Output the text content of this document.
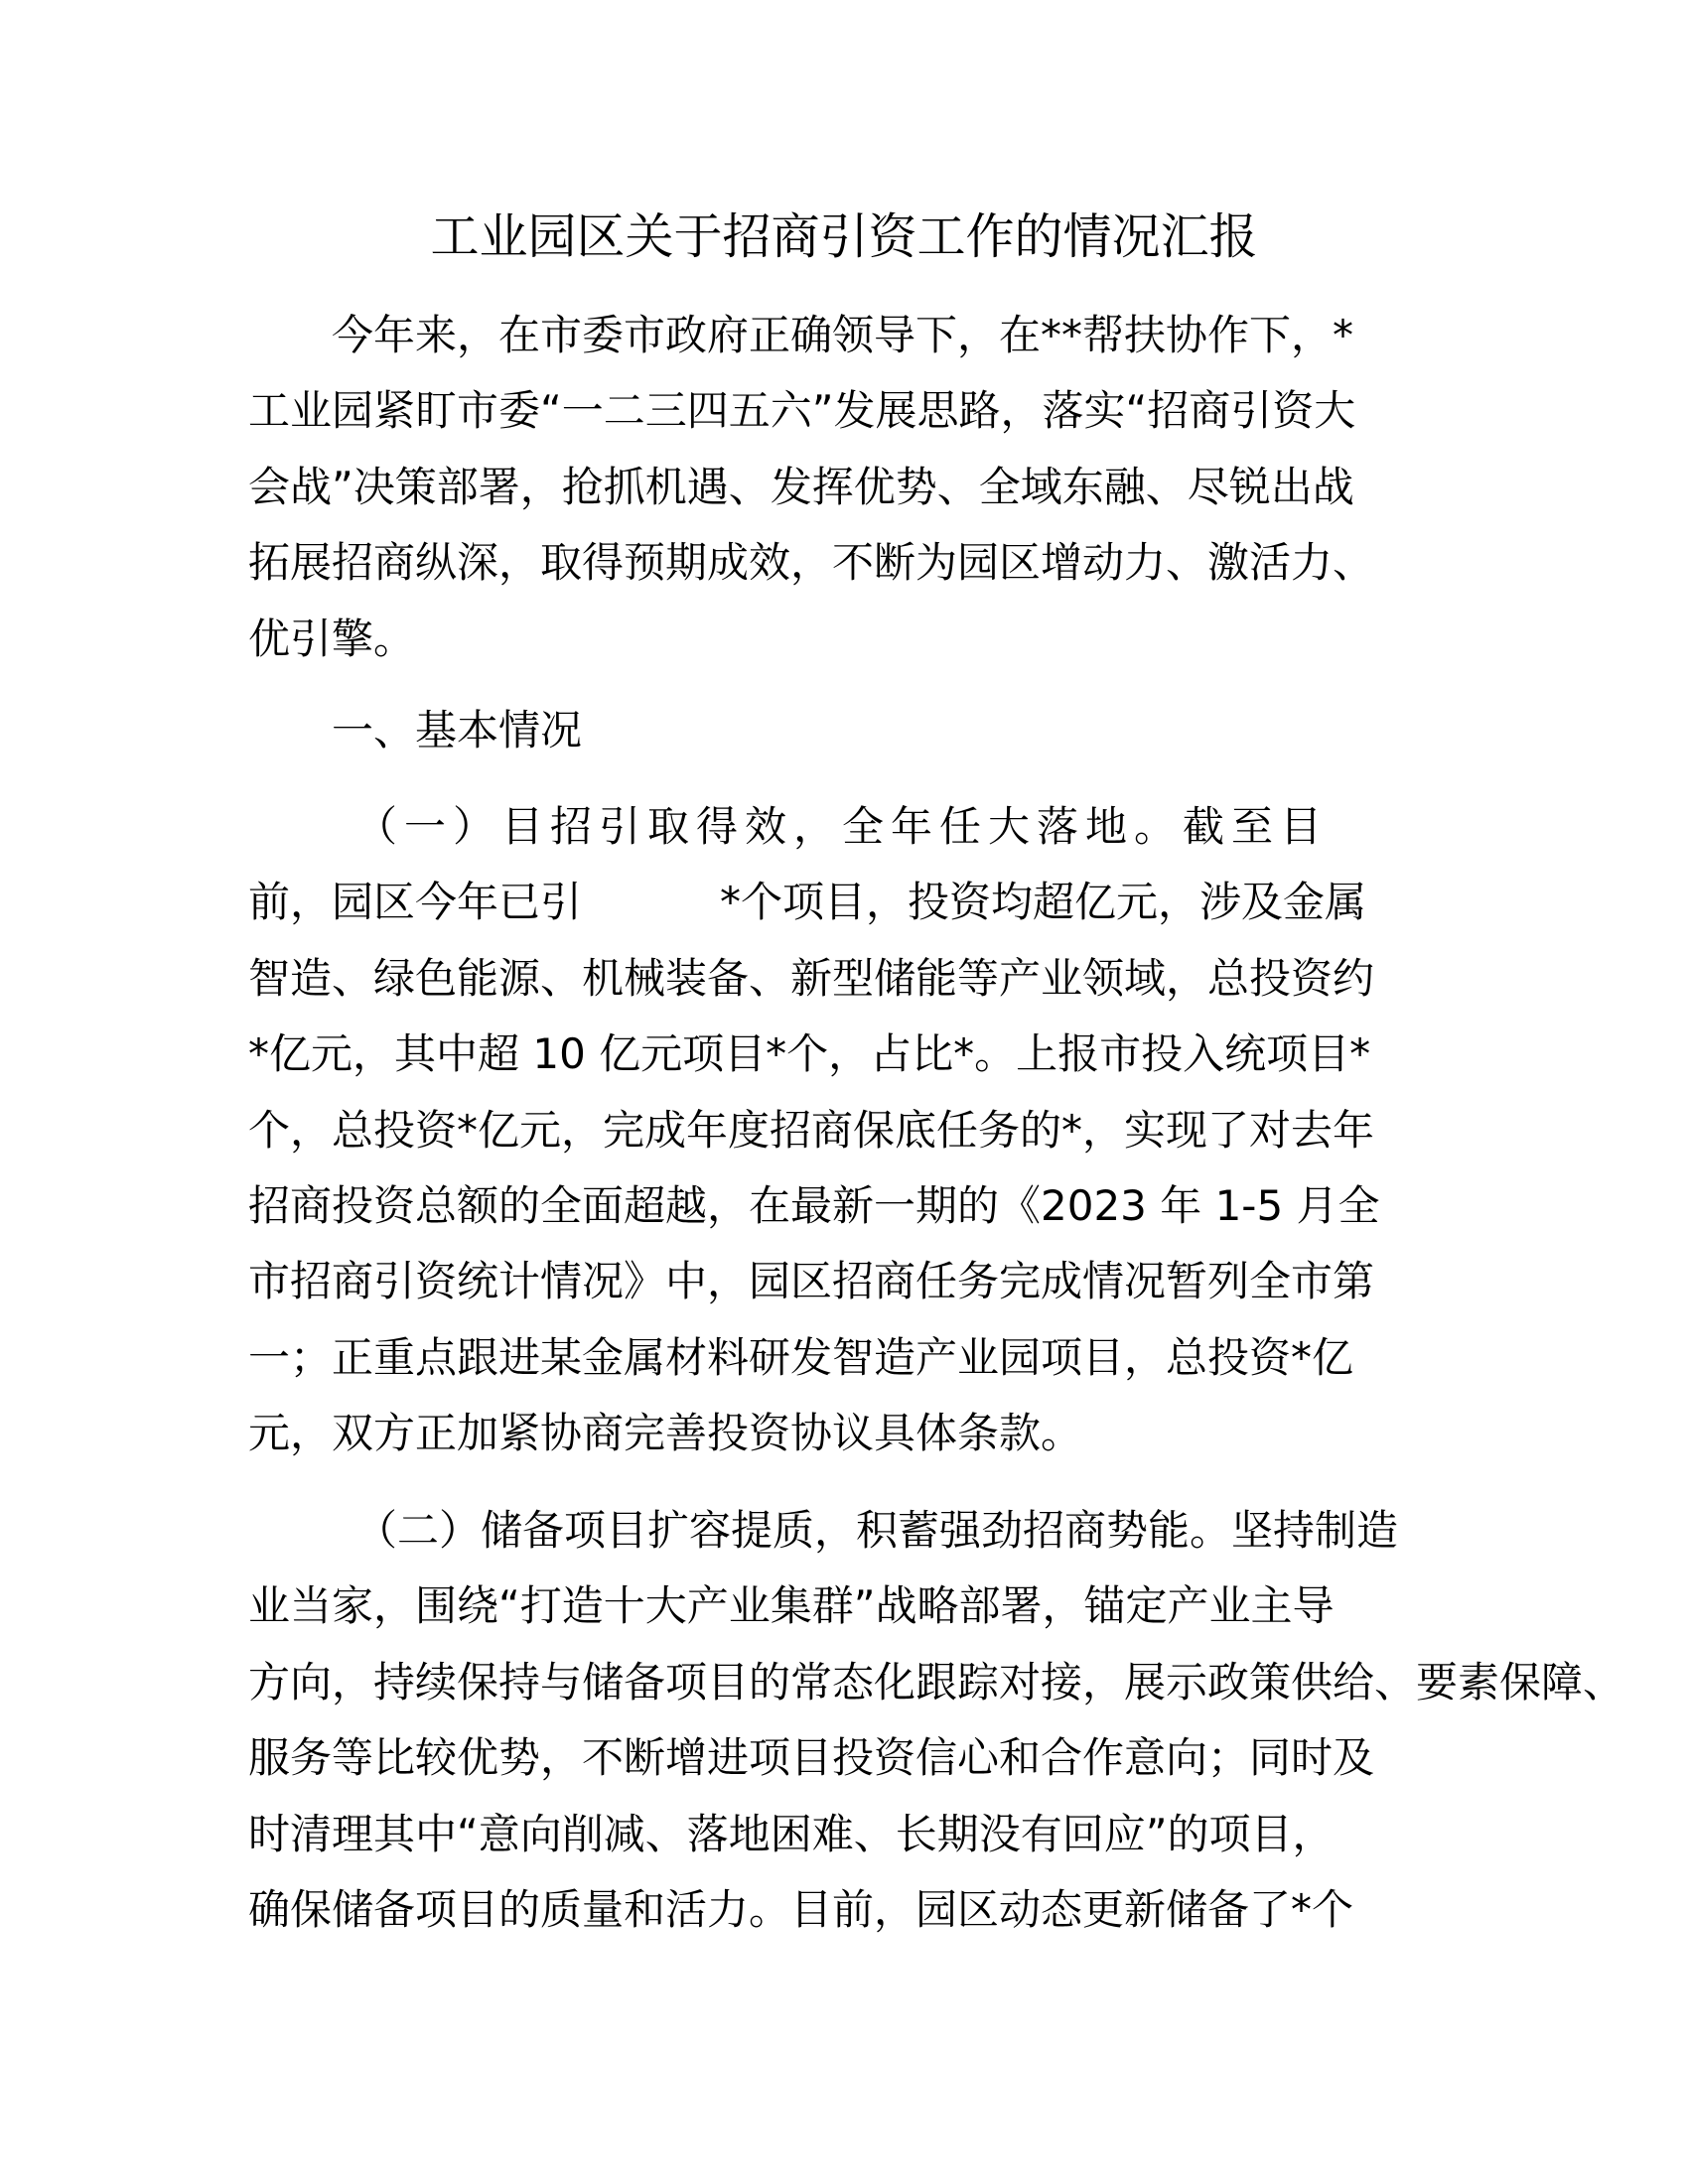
工业园区关于招商引资工作的情况汇报
今年来，在市委市政府正确领导下，在**帮扶协作下，*
工业园紧盯市委“一二三四五六”发展思路，落实“招商引资大
会战”决策部署，抢抓机遇、发挥优势、全域东融、尽锐出战
拓展招商纵深，取得预期成效，不断为园区增动力、激活力、
优引擎。
一、基本情况
（一）目招引取得效，全年任大落地。截至目
前，园区今年已引	*个项目，投资均超亿元，涉及金属
智造、绿色能源、机械装备、新型储能等产业领域，总投资约
*亿元，其中超 10 亿元项目*个，占比*。上报市投入统项目*
个，总投资*亿元，完成年度招商保底任务的*，实现了对去年
招商投资总额的全面超越，在最新一期的《2023 年 1-5 月全
市招商引资统计情况》中，园区招商任务完成情况暂列全市第
一；正重点跟进某金属材料研发智造产业园项目，总投资*亿
元，双方正加紧协商完善投资协议具体条款。
（二）储备项目扩容提质，积蓄强劲招商势能。坚持制造
业当家，围绕“打造十大产业集群”战略部署，锚定产业主导
方向，持续保持与储备项目的常态化跟踪对接，展示政策供给、要素保障、
服务等比较优势，不断增进项目投资信心和合作意向；同时及
时清理其中“意向削减、落地困难、长期没有回应”的项目，
确保储备项目的质量和活力。目前，园区动态更新储备了*个
